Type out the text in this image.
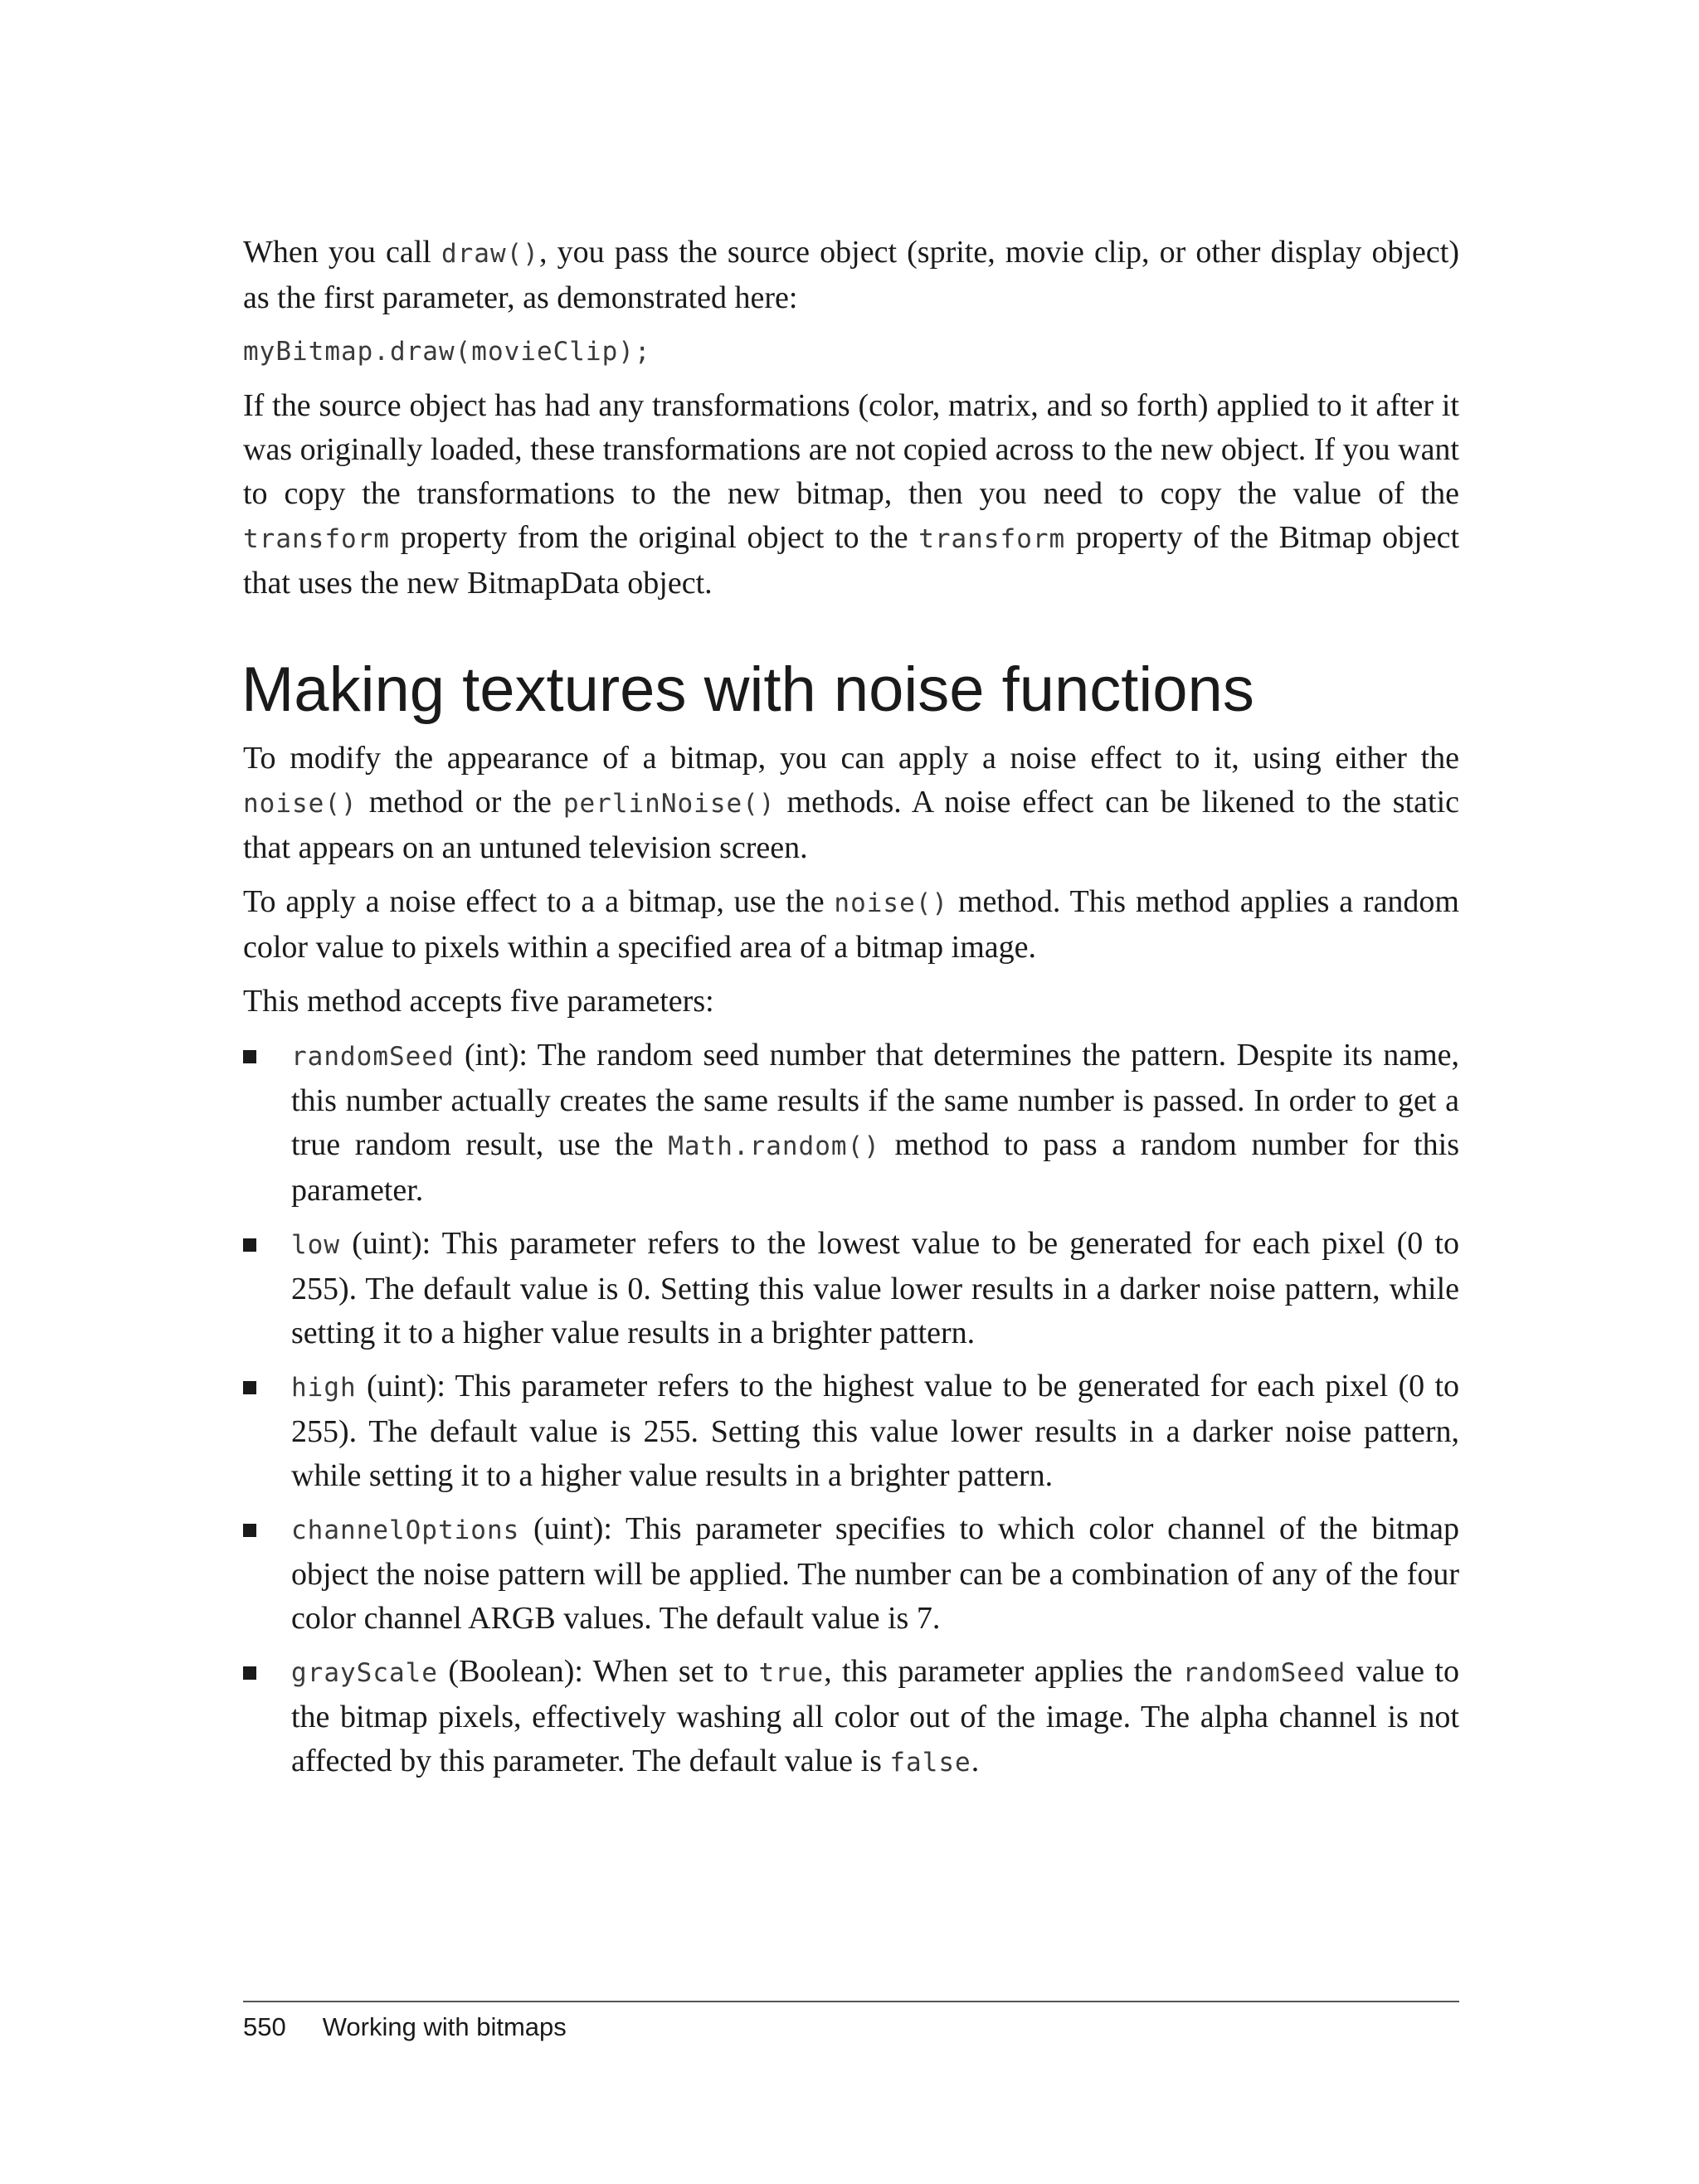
When you call draw(), you pass the source object (sprite, movie clip, or other display object) as the first parameter, as demonstrated here:

myBitmap.draw(movieClip);

If the source object has had any transformations (color, matrix, and so forth) applied to it after it was originally loaded, these transformations are not copied across to the new object. If you want to copy the transformations to the new bitmap, then you need to copy the value of the transform property from the original object to the transform property of the Bitmap object that uses the new BitmapData object.

Making textures with noise functions

To modify the appearance of a bitmap, you can apply a noise effect to it, using either the noise() method or the perlinNoise() methods. A noise effect can be likened to the static that appears on an untuned television screen.

To apply a noise effect to a a bitmap, use the noise() method. This method applies a random color value to pixels within a specified area of a bitmap image.

This method accepts five parameters:

randomSeed (int): The random seed number that determines the pattern. Despite its name, this number actually creates the same results if the same number is passed. In order to get a true random result, use the Math.random() method to pass a random number for this parameter.

low (uint): This parameter refers to the lowest value to be generated for each pixel (0 to 255). The default value is 0. Setting this value lower results in a darker noise pattern, while setting it to a higher value results in a brighter pattern.

high (uint): This parameter refers to the highest value to be generated for each pixel (0 to 255). The default value is 255. Setting this value lower results in a darker noise pattern, while setting it to a higher value results in a brighter pattern.

channelOptions (uint): This parameter specifies to which color channel of the bitmap object the noise pattern will be applied. The number can be a combination of any of the four color channel ARGB values. The default value is 7.

grayScale (Boolean): When set to true, this parameter applies the randomSeed value to the bitmap pixels, effectively washing all color out of the image. The alpha channel is not affected by this parameter. The default value is false.

550 Working with bitmaps
